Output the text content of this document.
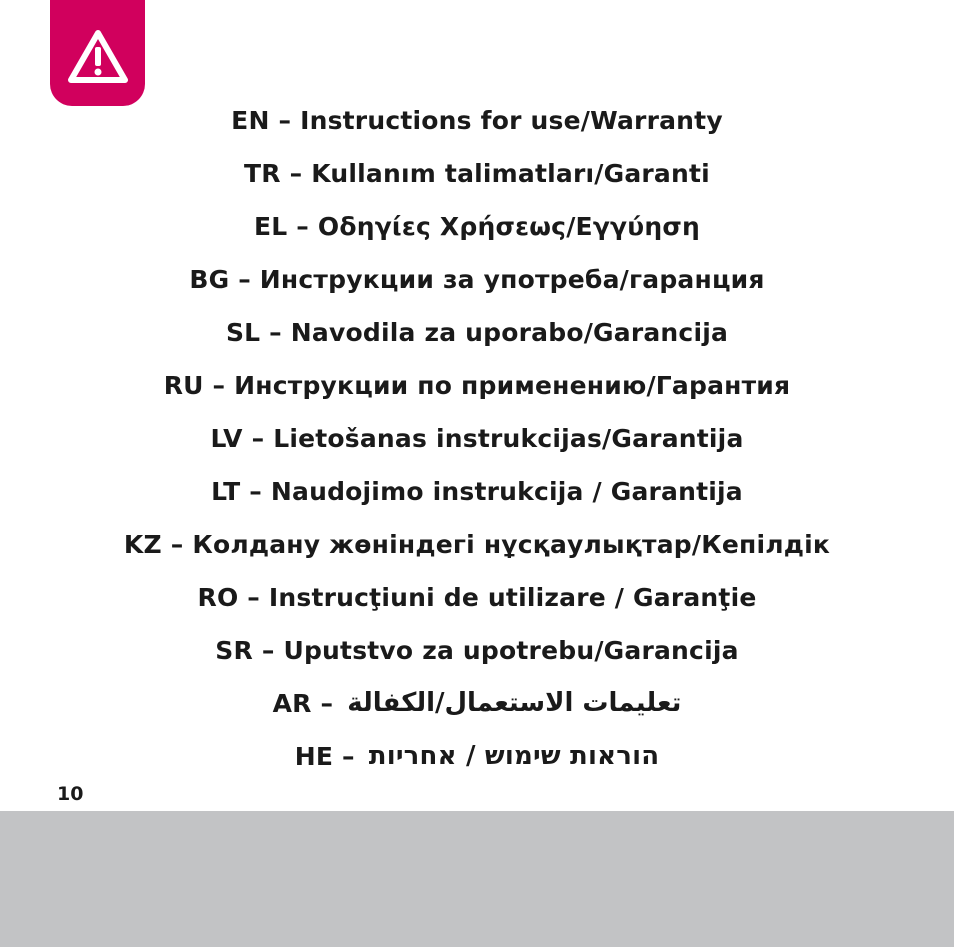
EN – Instructions for use/Warranty
TR – Kullanım talimatları/Garanti
EL – Οδηγίες Χρήσεως/Εγγύηση
BG – Инструкции за употреба/гаранция
SL – Navodila za uporabo/Garancija
RU – Инструкции по применению/Гарантия
LV – Lietošanas instrukcijas/Garantija
LT – Naudojimo instrukcija / Garantija
KZ – Колдану жөніндегі нұсқаулықтар/Кепілдік
RO – Instrucţiuni de utilizare / Garanţie
SR – Uputstvo za upotrebu/Garancija
AR – تعليمات الاستعمال/الكفالة
HE – הוראות שימוש / אחריות
10
